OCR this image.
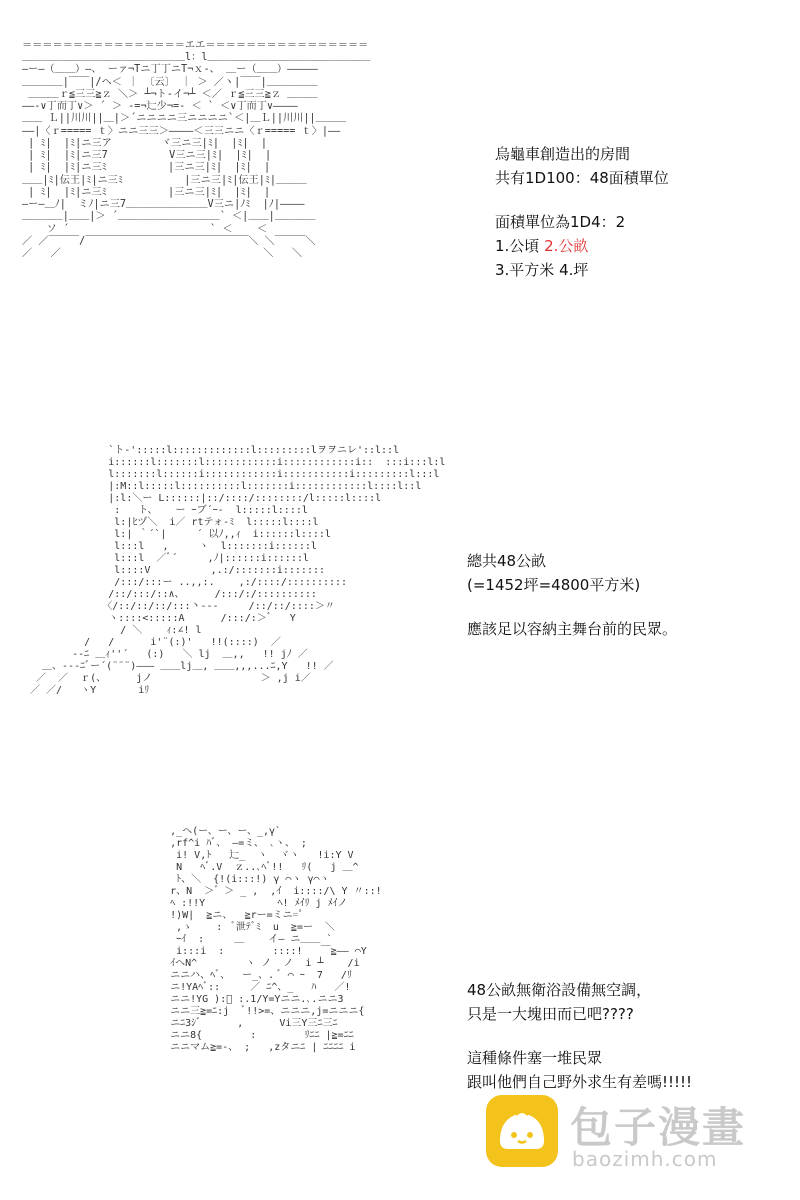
＝＝＝＝＝＝＝＝＝＝＝＝＝＝＝＝エエ＝＝＝＝＝＝＝＝＝＝＝＝＝＝＝＝
＿＿＿＿＿＿＿＿＿＿＿＿＿＿＿＿l：l＿＿＿＿＿＿＿＿＿＿＿＿＿＿＿＿
―ー―（＿＿）―、 ーァ¬Tニ丁丁ニT¬ｘ-、 ＿ー（＿＿）―――――
＿＿＿＿|￣￣|/ヘ＜ ｜ 〔云〕 ｜ ＞ ／ヽ|￣￣|＿＿＿＿＿
＿＿＿ｒ≦三三≧ｚ ＼＞ ┴¬ト-イ¬┴ ＜／ ｒ≦三三≧ｚ ＿＿＿
――-∨丁而丁∨＞ ´ ＞ -=¬辷少¬=- ＜ ` ＜∨丁而丁∨――――
＿＿ Ｌ||川川||＿|＞´ニニニニ三ニニニニ`＜|＿Ｌ||川川||＿＿＿
――|〈ｒ===== ｔ〉ニニ三三＞――――＜三三ニニ〈ｒ===== ｔ〉|――
| ﾐ|  |ﾐ|ニ三ア        ヾ三ニ三|ﾐ|  |ﾐ|  |
| ﾐ|  |ﾐ|ニ三7          V三ニ三|ﾐ|  |ﾐ|  |
| ﾐ|  |ﾐ|ニ三ﾐ          |三ニ三|ﾐ|  |ﾐ|  |
＿＿|ﾐ|伝王|ﾐ|ニ三ﾐ          |三ニ三|ﾐ|伝王|ﾐ|＿＿＿
| ﾐ|  |ﾐ|ニ三ﾐ          |三ニ三|ﾐ|  |ﾐ|  |
―ー―＿ﾉ|  ミﾉ|ニ三7＿＿＿＿＿＿＿＿V三ニ|ﾉﾐ  |ﾉ|――――
＿＿＿＿|＿＿|＞ ´＿＿＿＿＿＿＿＿＿＿` ＜|＿＿|＿＿＿＿
ソ ´                       ` ＜    ＜
／ ／￣￣￣/￣￣￣￣￣￣￣￣￣￣￣￣￣￣￣￣＼ ＼￣￣￣＼
／   ／                                 ＼   ＼
烏龜車創造出的房間
共有1D100：48面積單位
面積單位為1D4：2
1.公頃 2.公畝
3.平方米 4.坪
`ト-':::::l:::::::::::::l:::::::::lヲヲニレ'::l::l
i::::::l:::::::l::::::::::::i::::::::::::i::  :::i:::l:l
l:::::::l::::::i::::::::::::i:::::::::::i:::::::::l:::l
|:M::l:::::l::::::::::l:::::::i::::::::::::l::::l::l
|:l:＼ー L::::::|::/::::/::::::::/l:::::l::::l
:   ト、   ー ｰブ´ｰ-  l:::::l::::l
l:|ﾋヅ＼  i／ rtテォ-ﾐ  l:::::l::::l
l:| ｀´`|     ´ 以ﾉ,,ｨ  i::::::l::::l
l:::l   ,     ヽ  l:::::::i::::::l
l:::l  ／ﾞ´     ,ﾉ|::::::i::::::l
l::::V          ,.:/:::::::i:::::::
/:::/:::ー ..,,:.    ,:/::::/::::::::::
/::/:::/::∧、     /:::/:/::::::::::
〈/::/::/::/:::丶---     /::/::/::::＞〃
ヽ::::<:::::A      /:::/:＞ﾞ   Y
/ ＼    ｨ:∠! l
/   /      i'¨(:)'   !!(::::)  ／
--ﾆ ＿ｨ''´   (:)   ＼ lj  ＿,,   !! jﾉ ／
＿、---ﾆﾞー´(¨¨¨)――― ＿＿lj＿, ＿＿,,,...ﾆ,Y   !! ／
／  ／  ｒ(、     jノ                  ＞ ,j i／
／ ／/   ヽY       iﾘ
總共48公畝
(=1452坪=4800平方米)
應該足以容納主舞台前的民眾。
,_ヘ(ー、ー、ー、_,γ`
,rf^i ﾊﾞ、 ―=ミ、 ､ヽ、 ;
i! V,ﾄ   辷_  ヽ  ヾヽ   !i:Y V
N   ﾍﾞ.V  ｚ..､ﾍﾞ!!   ﾘ(   j ＿^
ﾄ、＼  {!(i:::!) γ ⌒ヽ γ⌒ヽ
r、N  ＞゛＞ _ ,  ,ｲ  i::::/\ Y 〃::!
ﾍ :!!Y            ﾍ! ﾒｲﾘ j ﾒｲノ
!)W|  ≧ニ、  ≧rー=ミニ=ﾟ
,ゝ    :  ﾞ泄ﾃﾞﾐ  u  ≧=ー  ＼
ｰｲ  :     ＿    イ― ニ＿＿ `
i:::i  :        ::::!   ￣≧―― ⌒Y
ｲヘN^        ヽ ノ  ノ  i ┴    /i
ニニハ、ﾍﾞ、  ー_、. ﾞ ⌒ ｰ  7   /ﾘ
ニ!YAﾍﾞ::     ／ ﾆ^、_   ﾊ   ／!
ニニ!YG ):ﾞ :.1/Y=Yニニ.､.ニニ3
ニニ三≧=ﾆ:j  ﾞ!!>=、ニニニ,j=ニニニ{
ニﾆ3ｼﾞ      ,      Vi三Y三ﾆ三ﾆ
ニニ8{        :        ﾘﾆﾆ |≧=ﾆﾆ
ニニマム≧=-、 ;   ,zタニﾆ | ﾆﾆﾆﾆ i
48公畝無衛浴設備無空調，
只是一大塊田而已吧????
這種條件塞一堆民眾
跟叫他們自己野外求生有差嗎!!!!!
包子漫畫
baozimh.com
